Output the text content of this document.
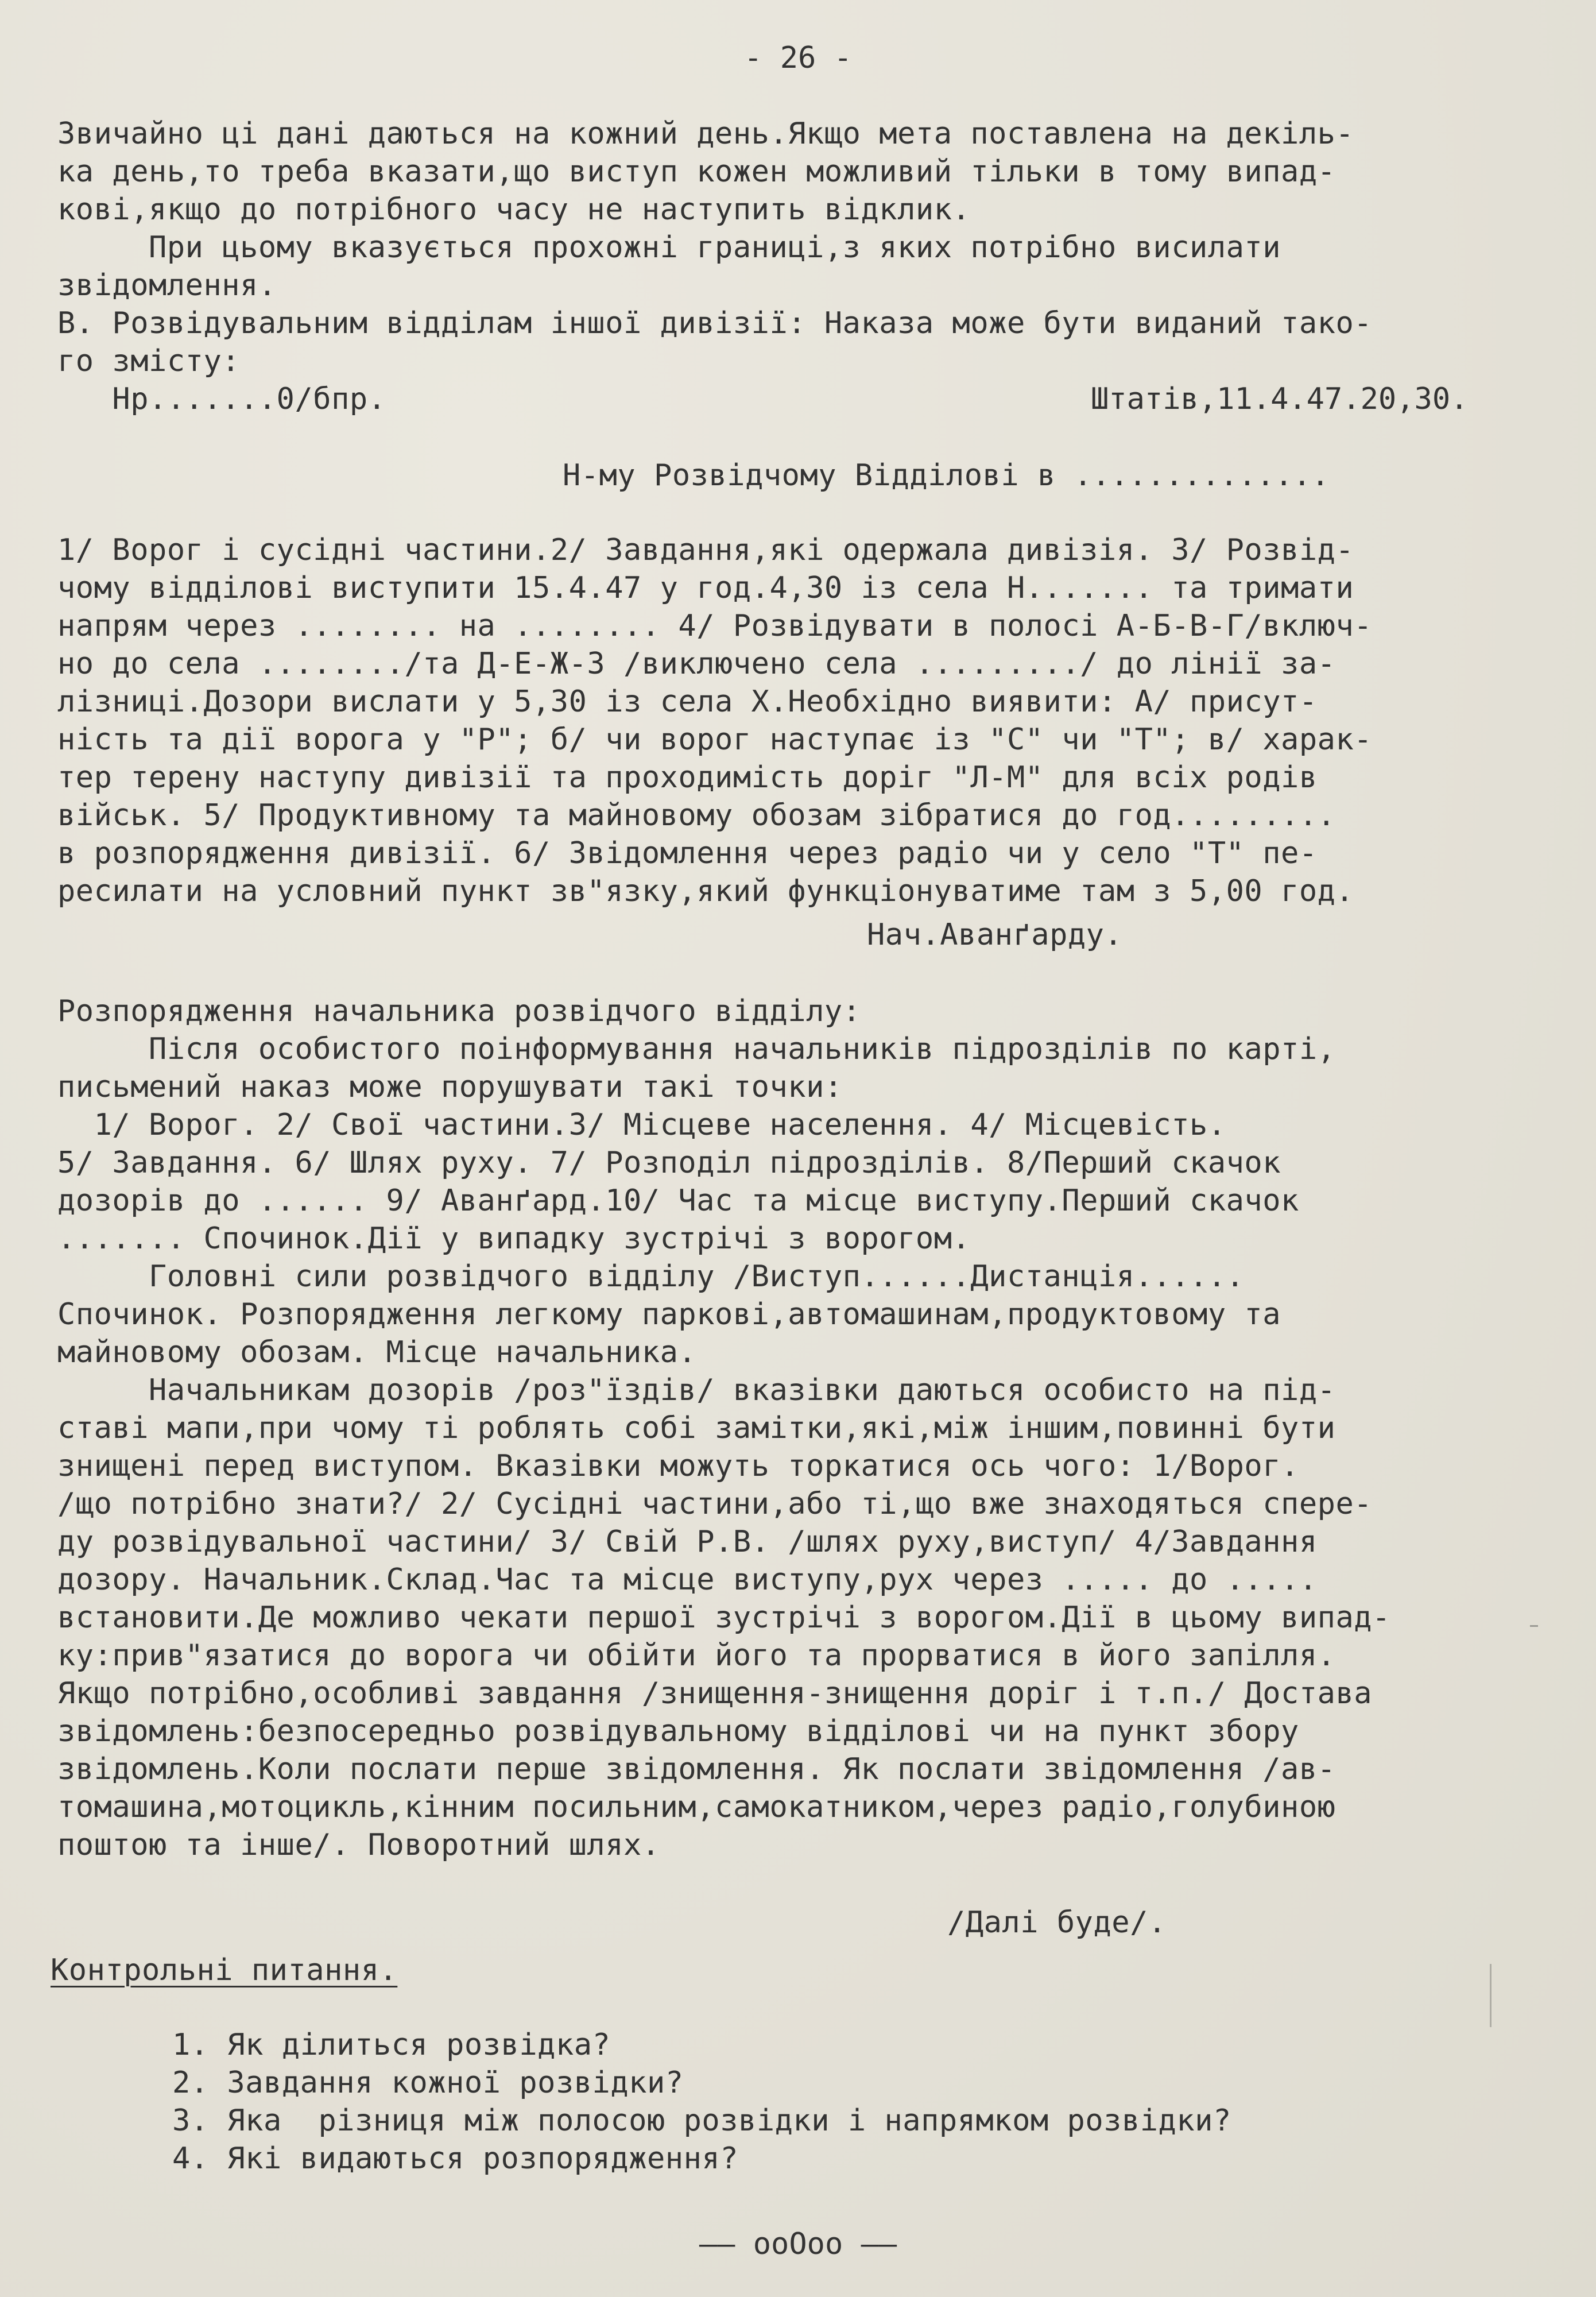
- 26 -
Звичайно ці дані даються на кожний день.Якщо мета поставлена на декіль-
ка день,то треба вказати,що виступ кожен можливий тільки в тому випад-
кові,якщо до потрібного часу не наступить відклик.
При цьому вказується прохожні границі,з яких потрібно висилати
звідомлення.
В. Розвідувальним відділам іншої дивізії: Наказа може бути виданий тако-
го змісту:
Нр.......0/бпр.	Штатів,11.4.47.20,30.
Н-му Розвідчому Відділові в ..............
1/ Ворог і сусідні частини.2/ Завдання,які одержала дивізія. 3/ Розвід-
чому відділові виступити 15.4.47 у год.4,30 із села Н....... та тримати
напрям через ........ на ........ 4/ Розвідувати в полосі А-Б-В-Г/включ-
но до села ......../та Д-Е-Ж-З /виключено села ........./ до лінії за-
лізниці.Дозори вислати у 5,30 із села Х.Необхідно виявити: А/ присут-
ність та дії ворога у "Р"; б/ чи ворог наступає із "С" чи "Т"; в/ харак-
тер терену наступу дивізії та проходимість доріг "Л-М" для всіх родів
військ. 5/ Продуктивному та майновому обозам зібратися до год.........
в розпорядження дивізії. 6/ Звідомлення через радіо чи у село "Т" пе-
ресилати на условний пункт зв"язку,який функціонуватиме там з 5,00 год.
Нач.Аванґарду.
Розпорядження начальника розвідчого відділу:
Після особистого поінформування начальників підрозділів по карті,
письмений наказ може порушувати такі точки:
1/ Ворог. 2/ Свої частини.3/ Місцеве населення. 4/ Місцевість.
5/ Завдання. 6/ Шлях руху. 7/ Розподіл підрозділів. 8/Перший скачок
дозорів до ...... 9/ Аванґард.10/ Час та місце виступу.Перший скачок
....... Спочинок.Дії у випадку зустрічі з ворогом.
Головні сили розвідчого відділу /Виступ......Дистанція......
Спочинок. Розпорядження легкому паркові,автомашинам,продуктовому та
майновому обозам. Місце начальника.
Начальникам дозорів /роз"їздів/ вказівки даються особисто на під-
ставі мапи,при чому ті роблять собі замітки,які,між іншим,повинні бути
знищені перед виступом. Вказівки можуть торкатися ось чого: 1/Ворог.
/що потрібно знати?/ 2/ Сусідні частини,або ті,що вже знаходяться спере-
ду розвідувальної частини/ 3/ Свій Р.В. /шлях руху,виступ/ 4/Завдання
дозору. Начальник.Склад.Час та місце виступу,рух через ..... до .....
встановити.Де можливо чекати першої зустрічі з ворогом.Дії в цьому випад-
ку:прив"язатися до ворога чи обійти його та прорватися в його запілля.
Якщо потрібно,особливі завдання /знищення-знищення доріг і т.п./ Достава
звідомлень:безпосередньо розвідувальному відділові чи на пункт збору
звідомлень.Коли послати перше звідомлення. Як послати звідомлення /ав-
томашина,мотоцикль,кінним посильним,самокатником,через радіо,голубиною
поштою та інше/. Поворотний шлях.
/Далі буде/.
Контрольні питання.
1. Як ділиться розвідка?
2. Завдання кожної розвідки?
3. Яка  різниця між полосою розвідки і напрямком розвідки?
4. Які видаються розпорядження?
—— ooOoo ——
